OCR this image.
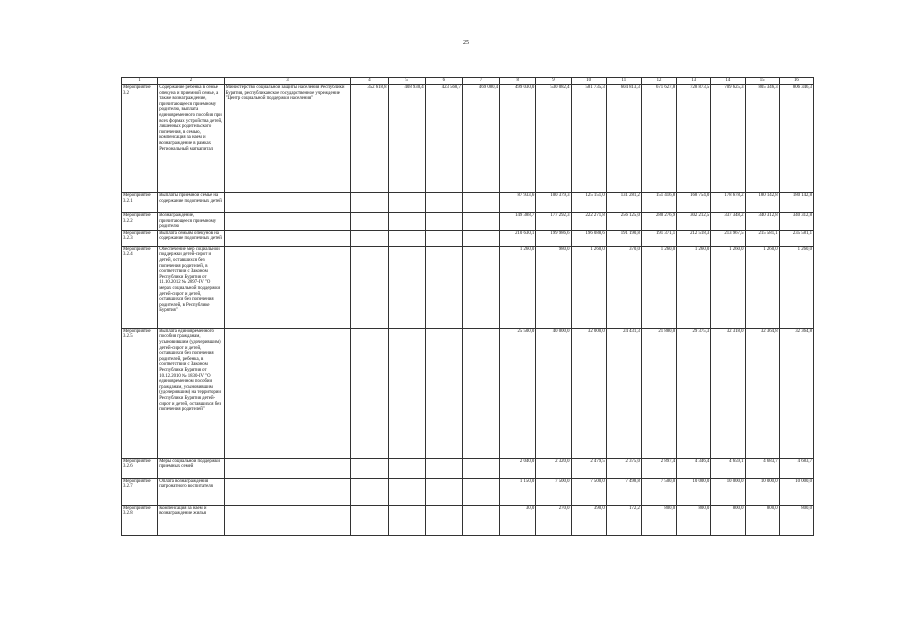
25
1	2	3	4	5	6	7	8	9	10	11	12	13	14	15	16
Мероприятие 3.2	Содержание ребенка в семье опекуна и приемной семье, а также вознаграждение, причитающееся приемному родителю, выплата единовременного пособия при всех формах устройства детей, лишенных родительского попечения, в семью, компенсация за наем и вознаграждение в рамках Региональный маткапитал	Министерство социальной защиты населения Республики Бурятия, республиканское государственное учреждение "Центр социальной поддержки населения"	352 618,8	408 930,4	423 568,7	469 080,4	499 030,0	530 082,4	581 735,3	604 813,3	671 627,8	728 873,5	709 625,3	805 346,3	806 346,3
Мероприятие 3.2.1	Выплаты приемной семье на содержание подопечных детей						87 933,6	100 379,3	125 151,0	131 281,2	151 416,8	168 754,0	178 678,2	180 142,8	180 142,8
Мероприятие 3.2.2	Вознаграждение, причитающееся приемному родителю						149 388,7	177 292,3	222 271,8	256 125,0	280 276,9	302 212,5	337 348,2	340 312,8	340 312,8
Мероприятие 3.2.3	Выплата семьям опекунов на содержание подопечных детей						210 630,1	199 986,6	196 088,6	191 190,8	191 371,1	212 518,3	213 967,5	215 581,1	235 581,1
Мероприятие 3.2.4	Обеспечение мер социальной поддержки детей-сирот и детей, оставшихся без попечения родителей, в соответствии с Законом Республики Бурятия от 11.10.2012 № 2897-IV "О мерах социальной поддержки детей-сирот и детей, оставшихся без попечения родителей, в Республике Бурятия"						1 260,0	980,0	1 260,0	370,0	1 260,0	1 260,0	1 260,0	1 260,0	1 260,0
Мероприятие 3.2.5	Выплата единовременного пособия гражданам, усыновившим (удочерившим) детей-сирот и детей, оставшихся без попечения родителей, ребенка, в соответствии с Законом Республики Бурятия от 10.12.2010 № 1830-IV "О единовременном пособии гражданам, усыновившим (удочерившим) на территории Республики Бурятия детей-сирот и детей, оставшихся без попечения родителей"						25 500,0	40 000,0	32 000,0	24 431,3	21 880,0	29 375,3	32 318,0	32 364,8	32 364,8
Мероприятие 3.2.6	Меры социальной поддержки приемных семей						2 040,0	2 320,0	2 479,5	2 375,0	2 897,4	4 346,4	4 659,1	4 683,7	4 683,7
Мероприятие 3.2.7	Оплата вознаграждения патронатного воспитателя						1 150,0	7 500,0	7 500,0	7 498,8	7 500,0	10 000,0	10 000,0	10 000,0	10 000,0
Мероприятие 3.2.8	Компенсация за наем и вознаграждение жилья						30,0	270,0	390,0	172,2	800,0	800,0	800,0	800,0	800,0
